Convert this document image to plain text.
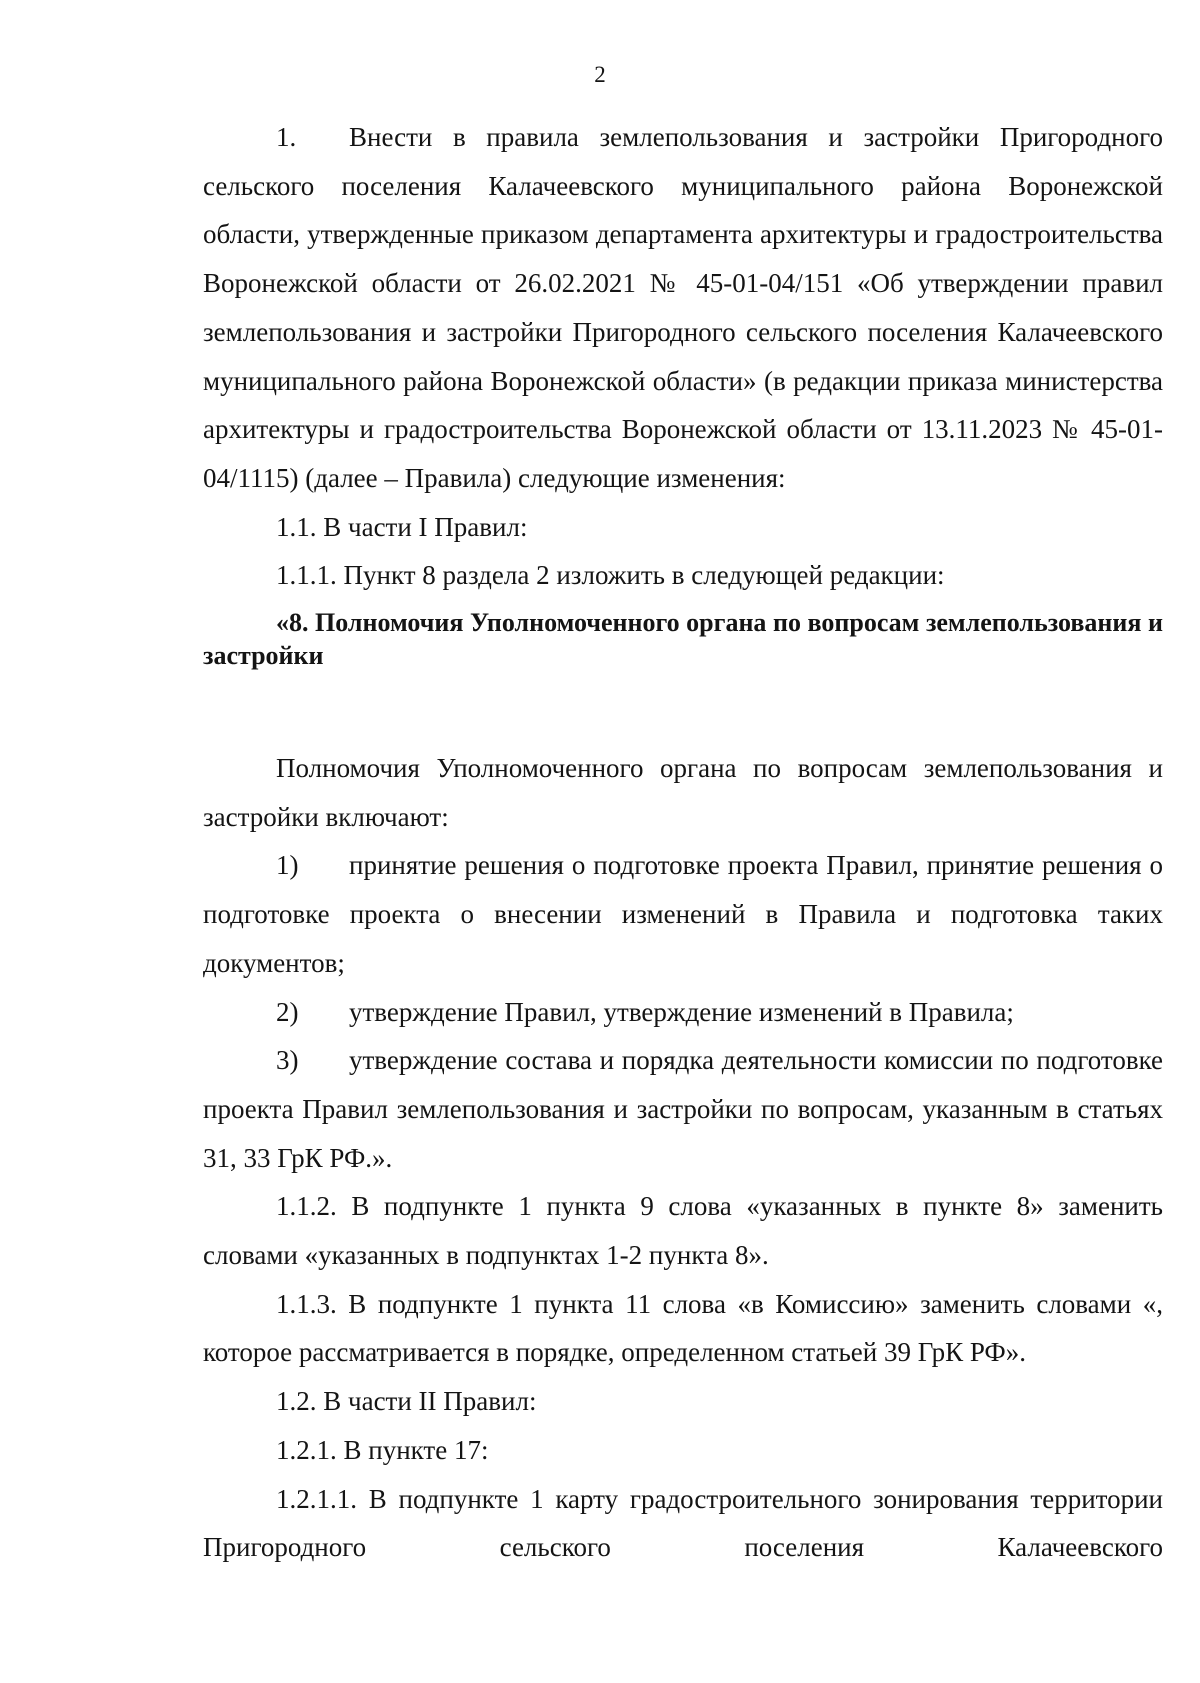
2

1. Внести в правила землепользования и застройки Пригородного сельского поселения Калачеевского муниципального района Воронежской области, утвержденные приказом департамента архитектуры и градостроительства Воронежской области от 26.02.2021 № 45-01-04/151 «Об утверждении правил землепользования и застройки Пригородного сельского поселения Калачеевского муниципального района Воронежской области» (в редакции приказа министерства архитектуры и градостроительства Воронежской области от 13.11.2023 № 45-01-04/1115) (далее – Правила) следующие изменения:

1.1. В части I Правил:

1.1.1. Пункт 8 раздела 2 изложить в следующей редакции:

«8. Полномочия Уполномоченного органа по вопросам землепользования и застройки

Полномочия Уполномоченного органа по вопросам землепользования и застройки включают:

1) принятие решения о подготовке проекта Правил, принятие решения о подготовке проекта о внесении изменений в Правила и подготовка таких документов;

2) утверждение Правил, утверждение изменений в Правила;

3) утверждение состава и порядка деятельности комиссии по подготовке проекта Правил землепользования и застройки по вопросам, указанным в статьях 31, 33 ГрК РФ.».

1.1.2. В подпункте 1 пункта 9 слова «указанных в пункте 8» заменить словами «указанных в подпунктах 1-2 пункта 8».

1.1.3. В подпункте 1 пункта 11 слова «в Комиссию» заменить словами «, которое рассматривается в порядке, определенном статьей 39 ГрК РФ».

1.2. В части II Правил:

1.2.1. В пункте 17:

1.2.1.1. В подпункте 1 карту градостроительного зонирования территории Пригородного сельского поселения Калачеевского
